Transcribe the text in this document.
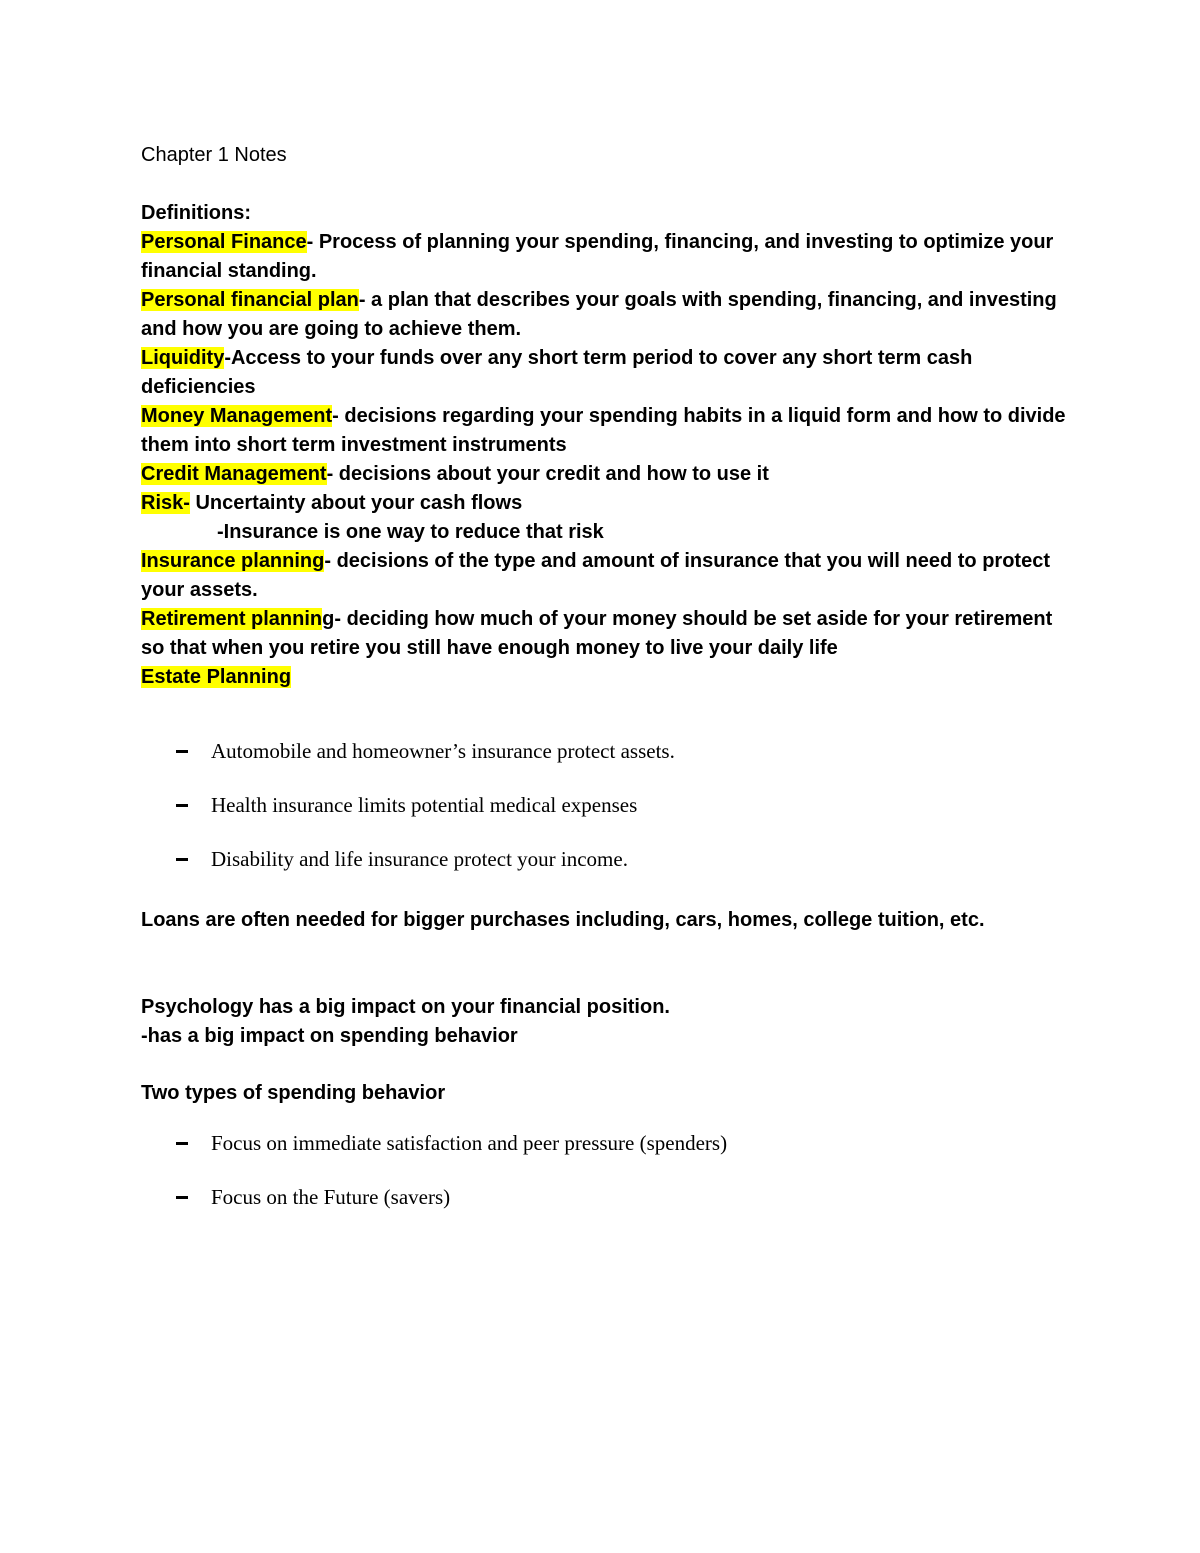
Chapter 1 Notes

Definitions:

Personal Finance- Process of planning your spending, financing, and investing to optimize your financial standing.

Personal financial plan- a plan that describes your goals with spending, financing, and investing and how you are going to achieve them.

Liquidity-Access to your funds over any short term period to cover any short term cash deficiencies

Money Management- decisions regarding your spending habits in a liquid form and how to divide them into short term investment instruments

Credit Management- decisions about your credit and how to use it

Risk- Uncertainty about your cash flows

-Insurance is one way to reduce that risk

Insurance planning- decisions of the type and amount of insurance that you will need to protect your assets.

Retirement planning- deciding how much of your money should be set aside for your retirement so that when you retire you still have enough money to live your daily life

Estate Planning

Automobile and homeowner’s insurance protect assets.
Health insurance limits potential medical expenses
Disability and life insurance protect your income.
Loans are often needed for bigger purchases including, cars, homes, college tuition, etc.
Psychology has a big impact on your financial position.
-has a big impact on spending behavior
Two types of spending behavior
Focus on immediate satisfaction and peer pressure (spenders)
Focus on the Future (savers)
